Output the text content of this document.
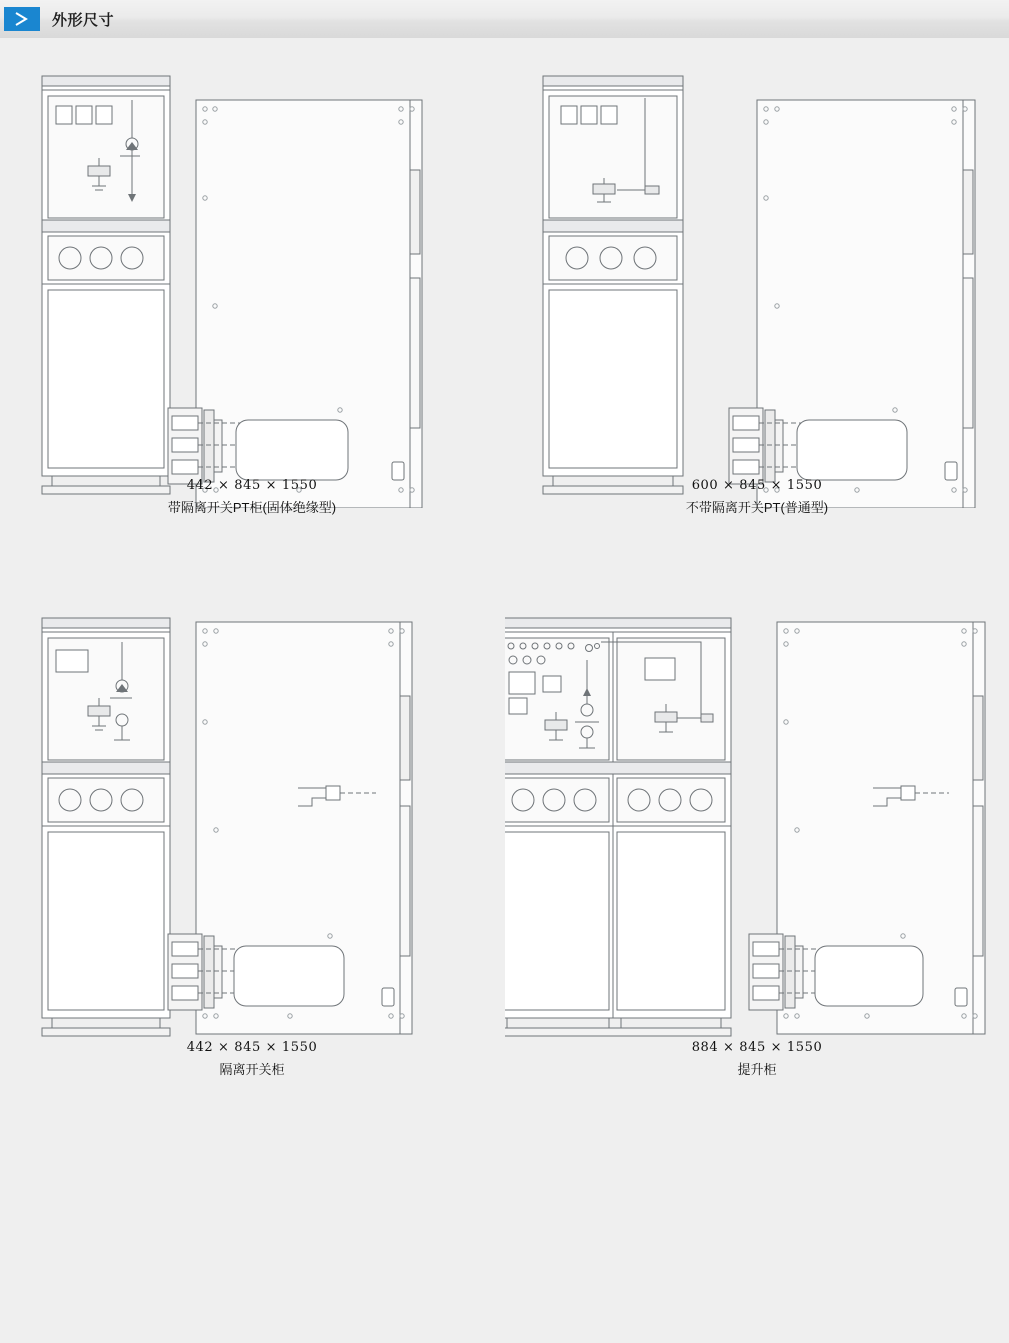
外形尺寸
442 × 845 × 1550
带隔离开关PT柜(固体绝缘型)
600 × 845 × 1550
不带隔离开关PT(普通型)
442 × 845 × 1550
隔离开关柜
884 × 845 × 1550
提升柜
